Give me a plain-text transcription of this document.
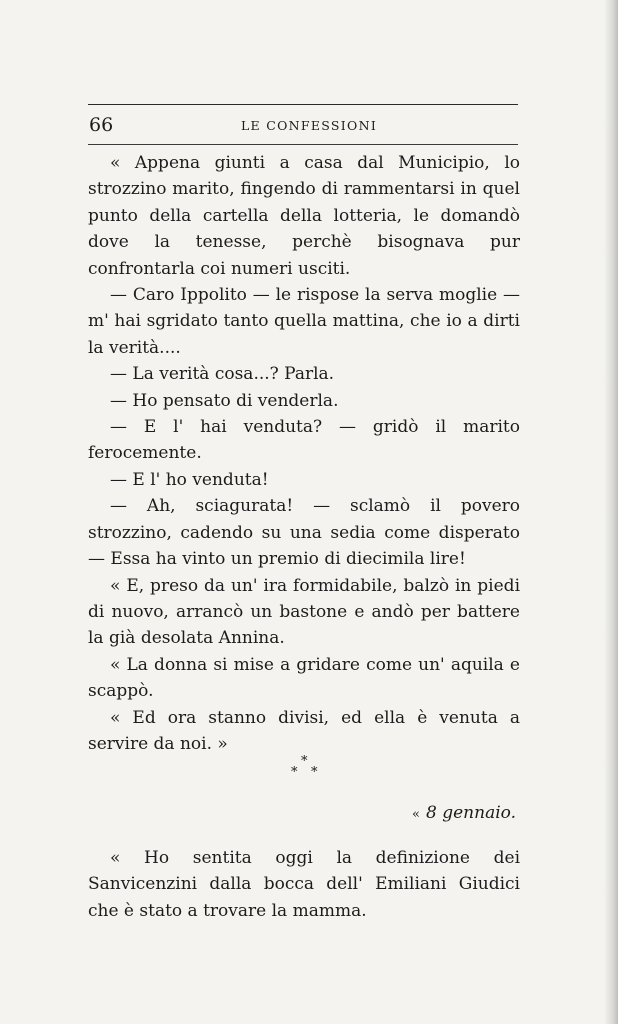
66	LE CONFESSIONI

« Appena giunti a casa dal Municipio, lo strozzino marito, fingendo di rammentarsi in quel punto della cartella della lotteria, le domandò dove la tenesse, perchè bisognava pur confrontarla coi numeri usciti.

— Caro Ippolito — le rispose la serva moglie — m' hai sgridato tanto quella mattina, che io a dirti la verità....

— La verità cosa...? Parla.

— Ho pensato di venderla.

— E l' hai venduta? — gridò il marito ferocemente.

— E l' ho venduta!

— Ah, sciagurata! — sclamò il povero strozzino, cadendo su una sedia come disperato — Essa ha vinto un premio di diecimila lire!

« E, preso da un' ira formidabile, balzò in piedi di nuovo, arrancò un bastone e andò per battere la già desolata Annina.

« La donna si mise a gridare come un' aquila e scappò.

« Ed ora stanno divisi, ed ella è venuta a servire da noi. »

*
* *
« 8 gennaio.

« Ho sentita oggi la definizione dei Sanvicenzini dalla bocca dell' Emiliani Giudici che è stato a trovare la mamma.
